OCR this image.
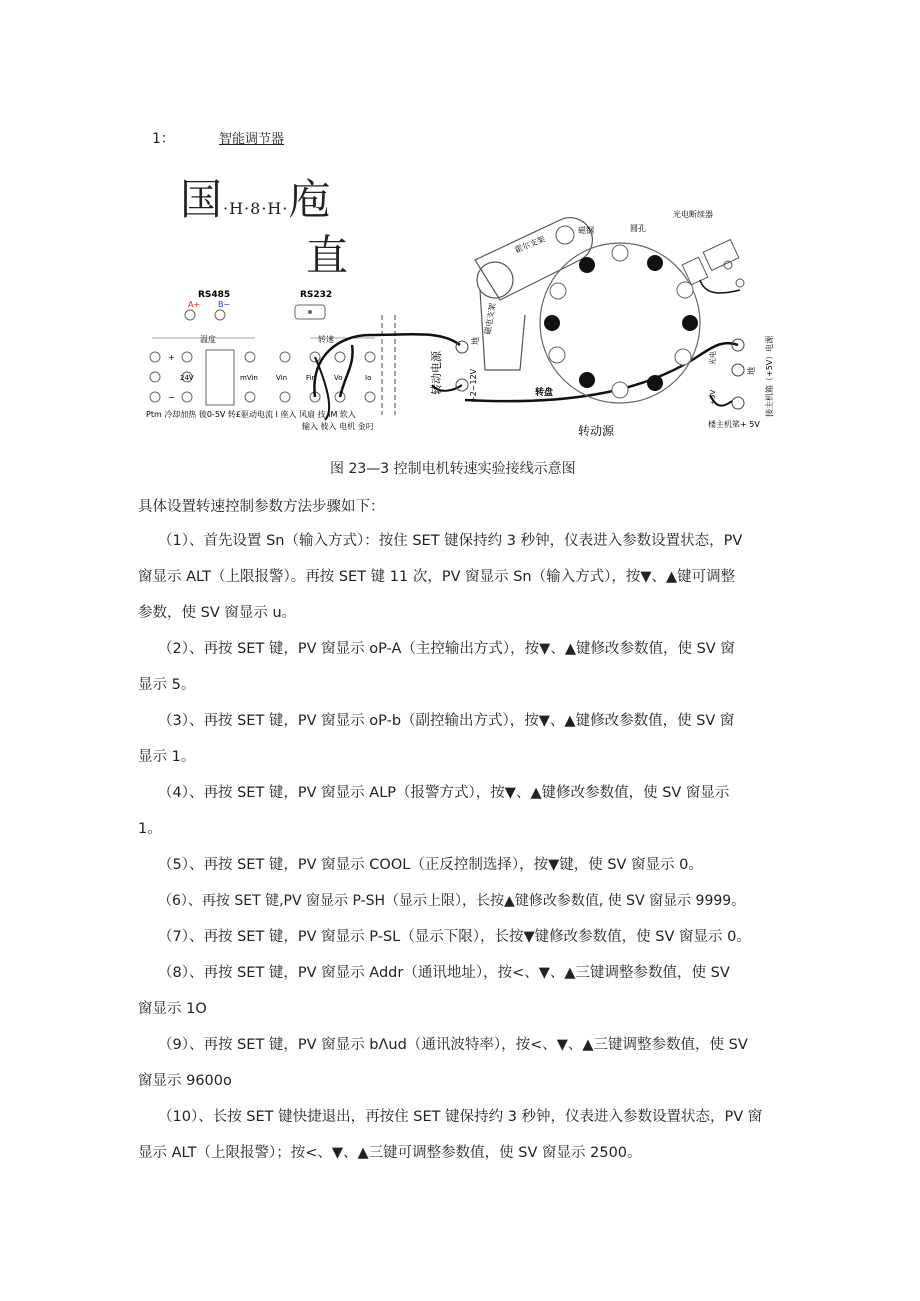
1：	智能调节器
国·H·8·H·庖
直
RS485
A+ B−
RS232
温度	转速
+
24V
−
mVin	Vin	Fin	Vo	Io
Ptm 冷却加热 彼0-5V 转£驱动电流 I 座入 风扇 技 IM 软入
输入 彼入 电机 金叼
转动电源	+2~12V
地
霍尔支架
磁电支架
磁钢	圆孔
光电断续器
转盘
转动源
光电
+5V
地 接主机箱（+5V）电源
楼主机笫+ 5V
图 23—3 控制电机转速实验接线示意图
具体设置转速控制参数方法步骤如下：
（1）、首先设置 Sn（输入方式）：按住 SET 键保持约 3 秒钟，仪表进入参数设置状态，PV
窗显示 ALT（上限报警）。再按 SET 键 11 次，PV 窗显示 Sn（输入方式），按▼、▲键可调整
参数，使 SV 窗显示 u。
（2）、再按 SET 键，PV 窗显示 oP-A（主控输出方式），按▼、▲键修改参数值，使 SV 窗
显示 5。
（3）、再按 SET 键，PV 窗显示 oP-b（副控输出方式），按▼、▲键修改参数值，使 SV 窗
显示 1。
（4）、再按 SET 键，PV 窗显示 ALP（报警方式），按▼、▲键修改参数值，使 SV 窗显示
1。
（5）、再按 SET 键，PV 窗显示 COOL（正反控制选择），按▼键，使 SV 窗显示 0。
（6）、再按 SET 键,PV 窗显示 P-SH（显示上限），长按▲键修改参数值, 使 SV 窗显示 9999。
（7）、再按 SET 键，PV 窗显示 P-SL（显示下限），长按▼键修改参数值，使 SV 窗显示 0。
（8）、再按 SET 键，PV 窗显示 Addr（通讯地址），按<、▼、▲三键调整参数值，使 SV
窗显示 1O
（9）、再按 SET 键，PV 窗显示 bΛud（通讯波特率），按<、▼、▲三键调整参数值，使 SV
窗显示 9600o
（10）、长按 SET 键快捷退出，再按住 SET 键保持约 3 秒钟，仪表进入参数设置状态，PV 窗
显示 ALT（上限报警）；按<、▼、▲三键可调整参数值，使 SV 窗显示 2500。
